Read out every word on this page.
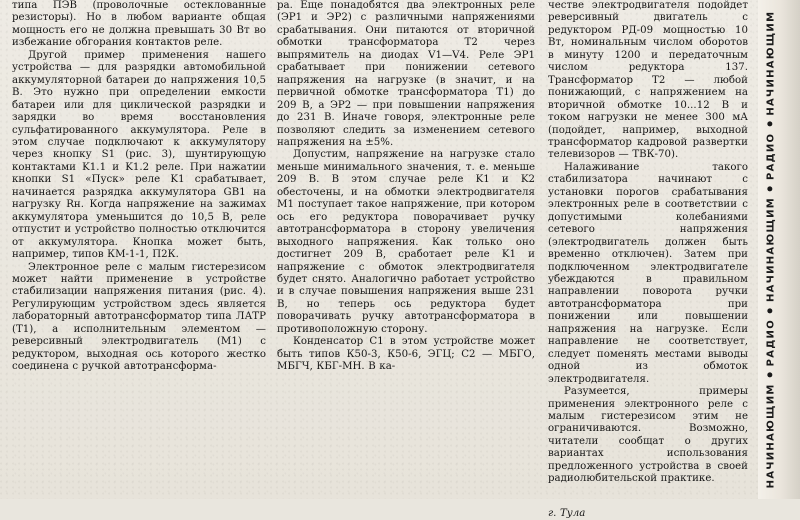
типа ПЭВ (проволочные остеклованные резисторы). Но в любом варианте общая мощность его не должна превышать 30 Вт во избежание обгорания контактов реле.

Другой пример применения нашего устройства — для разрядки автомобильной аккумуляторной батареи до напряжения 10,5 В. Это нужно при определении емкости батареи или для циклической разрядки и зарядки во время восстановления сульфатированного аккумулятора. Реле в этом случае подключают к аккумулятору через кнопку S1 (рис. 3), шунтирующую контактами K1.1 и K1.2 реле. При нажатии кнопки S1 «Пуск» реле K1 срабатывает, начинается разрядка аккумулятора GB1 на нагрузку Rн. Когда напряжение на зажимах аккумулятора уменьшится до 10,5 В, реле отпустит и устройство полностью отключится от аккумулятора. Кнопка может быть, например, типов КМ-1-1, П2К.

Электронное реле с малым гистерезисом может найти применение в устройстве стабилизации напряжения питания (рис. 4). Регулирующим устройством здесь является лабораторный автотрансформатор типа ЛАТР (T1), а исполнительным элементом — реверсивный электродвигатель (M1) с редуктором, выходная ось которого жестко соединена с ручкой автотрансформа-

ра. Еще понадобятся два электронных реле (ЭР1 и ЭР2) с различными напряжениями срабатывания. Они питаются от вторичной обмотки трансформатора T2 через выпрямитель на диодах V1—V4. Реле ЭР1 срабатывает при понижении сетевого напряжения на нагрузке (в значит, и на первичной обмотке трансформатора T1) до 209 В, а ЭР2 — при повышении напряжения до 231 В. Иначе говоря, электронные реле позволяют следить за изменением сетевого напряжения на ±5%.

Допустим, напряжение на нагрузке стало меньше минимального значения, т. е. меньше 209 В. В этом случае реле K1 и K2 обесточены, и на обмотки электродвигателя M1 поступает такое напряжение, при котором ось его редуктора поворачивает ручку автотрансформатора в сторону увеличения выходного напряжения. Как только оно достигнет 209 В, сработает реле K1 и напряжение с обмоток электродвигателя будет снято. Аналогично работает устройство и в случае повышения напряжения выше 231 В, но теперь ось редуктора будет поворачивать ручку автотрансформатора в противоположную сторону.

Конденсатор C1 в этом устройстве может быть типов К50-3, К50-6, ЭГЦ; C2 — МБГО, МБГЧ, КБГ-МН. В ка-

честве электродвигателя подойдет реверсивный двигатель с редуктором РД-09 мощностью 10 Вт, номинальным числом оборотов в минуту 1200 и передаточным числом редуктора 137. Трансформатор T2 — любой понижающий, с напряжением на вторичной обмотке 10...12 В и током нагрузки не менее 300 мА (подойдет, например, выходной трансформатор кадровой развертки телевизоров — ТВК-70).

Налаживание такого стабилизатора начинают с установки порогов срабатывания электронных реле в соответствии с допустимыми колебаниями сетевого напряжения (электродвигатель должен быть временно отключен). Затем при подключенном электродвигателе убеждаются в правильном направлении поворота ручки автотрансформатора при понижении или повышении напряжения на нагрузке. Если направление не соответствует, следует поменять местами выводы одной из обмоток электродвигателя.

Разумеется, примеры применения электронного реле с малым гистерезисом этим не ограничиваются. Возможно, читатели сообщат о других вариантах использования предложенного устройства в своей радиолюбительской практике.

г. Тула

НАЧИНАЮЩИМРАДИОНАЧИНАЮЩИМРАДИОНАЧИНАЮЩИМ
